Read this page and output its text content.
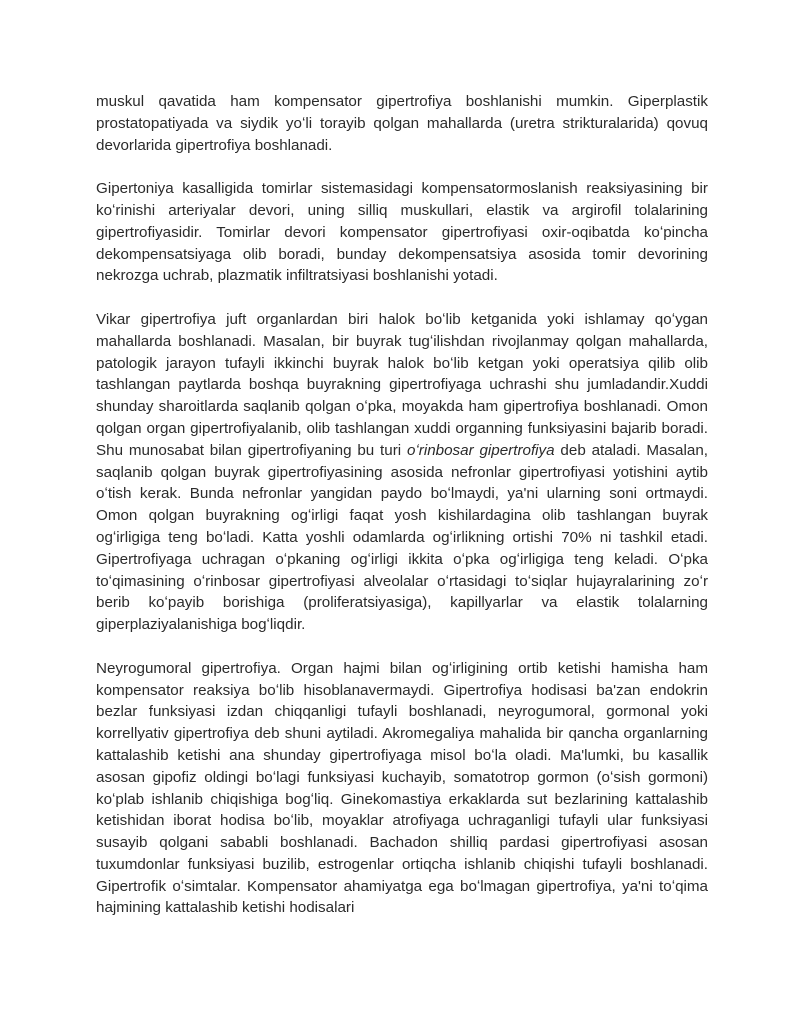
muskul qavatida ham kompensator gipertrofiya boshlanishi mumkin. Giperplastik prostatopatiyada va siydik yoʻli torayib qolgan mahallarda (uretra strikturalarida) qovuq devorlarida gipertrofiya boshlanadi.

Gipertoniya kasalligida tomirlar sistemasidagi kompensatormoslanish reaksiyasining bir koʻrinishi arteriyalar devori, uning silliq muskullari, elastik va argirofil tolalarining gipertrofiyasidir. Tomirlar devori kompensator gipertrofiyasi oxir-oqibatda koʻpincha dekompensatsiyaga olib boradi, bunday dekompensatsiya asosida tomir devorining nekrozga uchrab, plazmatik infiltratsiyasi boshlanishi yotadi.

Vikar gipertrofiya juft organlardan biri halok boʻlib ketganida yoki ishlamay qoʻygan mahallarda boshlanadi. Masalan, bir buyrak tugʻilishdan rivojlanmay qolgan mahallarda, patologik jarayon tufayli ikkinchi buyrak halok boʻlib ketgan yoki operatsiya qilib olib tashlangan paytlarda boshqa buyrakning gipertrofiyaga uchrashi shu jumladandir.Xuddi shunday sharoitlarda saqlanib qolgan oʻpka, moyakda ham gipertrofiya boshlanadi. Omon qolgan organ gipertrofiyalanib, olib tashlangan xuddi organning funksiyasini bajarib boradi. Shu munosabat bilan gipertrofiyaning bu turi oʻrinbosar gipertrofiya deb ataladi. Masalan, saqlanib qolgan buyrak gipertrofiyasining asosida nefronlar gipertrofiyasi yotishini aytib oʻtish kerak. Bunda nefronlar yangidan paydo boʻlmaydi, ya'ni ularning soni ortmaydi. Omon qolgan buyrakning ogʻirligi faqat yosh kishilardagina olib tashlangan buyrak ogʻirligiga teng boʻladi. Katta yoshli odamlarda ogʻirlikning ortishi 70% ni tashkil etadi. Gipertrofiyaga uchragan oʻpkaning ogʻirligi ikkita oʻpka ogʻirligiga teng keladi. Oʻpka toʻqimasining oʻrinbosar gipertrofiyasi alveolalar oʻrtasidagi toʻsiqlar hujayralarining zoʻr berib koʻpayib borishiga (proliferatsiyasiga), kapillyarlar va elastik tolalarning giperplaziyalanishiga bogʻliqdir.

Neyrogumoral gipertrofiya. Organ hajmi bilan ogʻirligining ortib ketishi hamisha ham kompensator reaksiya boʻlib hisoblanavermaydi. Gipertrofiya hodisasi ba'zan endokrin bezlar funksiyasi izdan chiqqanligi tufayli boshlanadi, neyrogumoral, gormonal yoki korrellyativ gipertrofiya deb shuni aytiladi. Akromegaliya mahalida bir qancha organlarning kattalashib ketishi ana shunday gipertrofiyaga misol boʻla oladi. Ma'lumki, bu kasallik asosan gipofiz oldingi boʻlagi funksiyasi kuchayib, somatotrop gormon (oʻsish gormoni) koʻplab ishlanib chiqishiga bogʻliq. Ginekomastiya erkaklarda sut bezlarining kattalashib ketishidan iborat hodisa boʻlib, moyaklar atrofiyaga uchraganligi tufayli ular funksiyasi susayib qolgani sababli boshlanadi. Bachadon shilliq pardasi gipertrofiyasi asosan tuxumdonlar funksiyasi buzilib, estrogenlar ortiqcha ishlanib chiqishi tufayli boshlanadi. Gipertrofik oʻsimtalar. Kompensator ahamiyatga ega boʻlmagan gipertrofiya, ya'ni toʻqima hajmining kattalashib ketishi hodisalari
